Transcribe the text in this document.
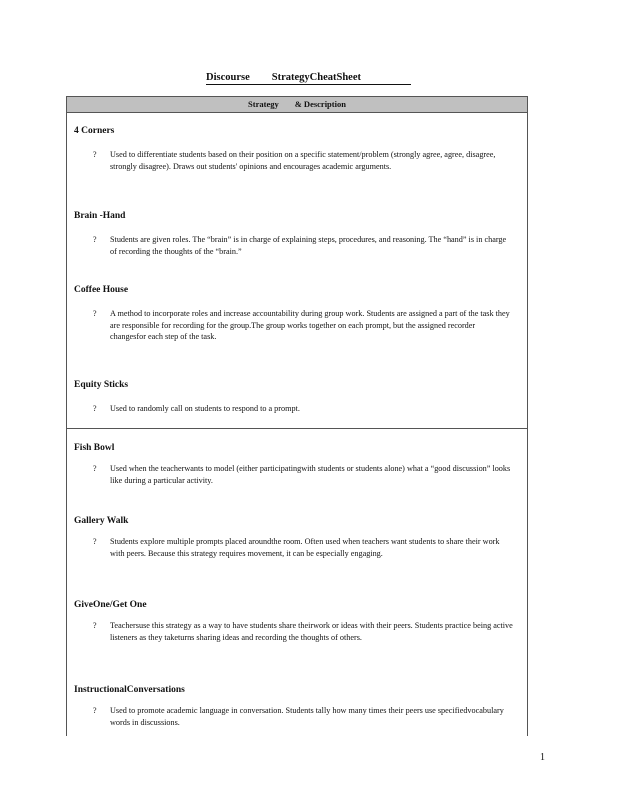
Discourse StrategyCheatSheet
Strategy & Description
4 Corners
? Used to differentiate students based on their position on a specific statement/problem (strongly agree, agree, disagree, strongly disagree). Draws out students' opinions and encourages academic arguments.
Brain -Hand
? Students are given roles. The “brain” is in charge of explaining steps, procedures, and reasoning. The “hand” is in charge of recording the thoughts of the “brain.”
Coffee House
? A method to incorporate roles and increase accountability during group work. Students are assigned a part of the task they are responsible for recording for the group.The group works together on each prompt, but the assigned recorder changesfor each step of the task.
Equity Sticks
? Used to randomly call on students to respond to a prompt.
Fish Bowl
? Used when the teacherwants to model (either participatingwith students or students alone) what a “good discussion” looks like during a particular activity.
Gallery Walk
? Students explore multiple prompts placed aroundthe room. Often used when teachers want students to share their work with peers. Because this strategy requires movement, it can be especially engaging.
GiveOne/Get One
? Teachersuse this strategy as a way to have students share theirwork or ideas with their peers. Students practice being active listeners as they taketurns sharing ideas and recording the thoughts of others.
InstructionalConversations
? Used to promote academic language in conversation. Students tally how many times their peers use specifiedvocabulary words in discussions.
1
